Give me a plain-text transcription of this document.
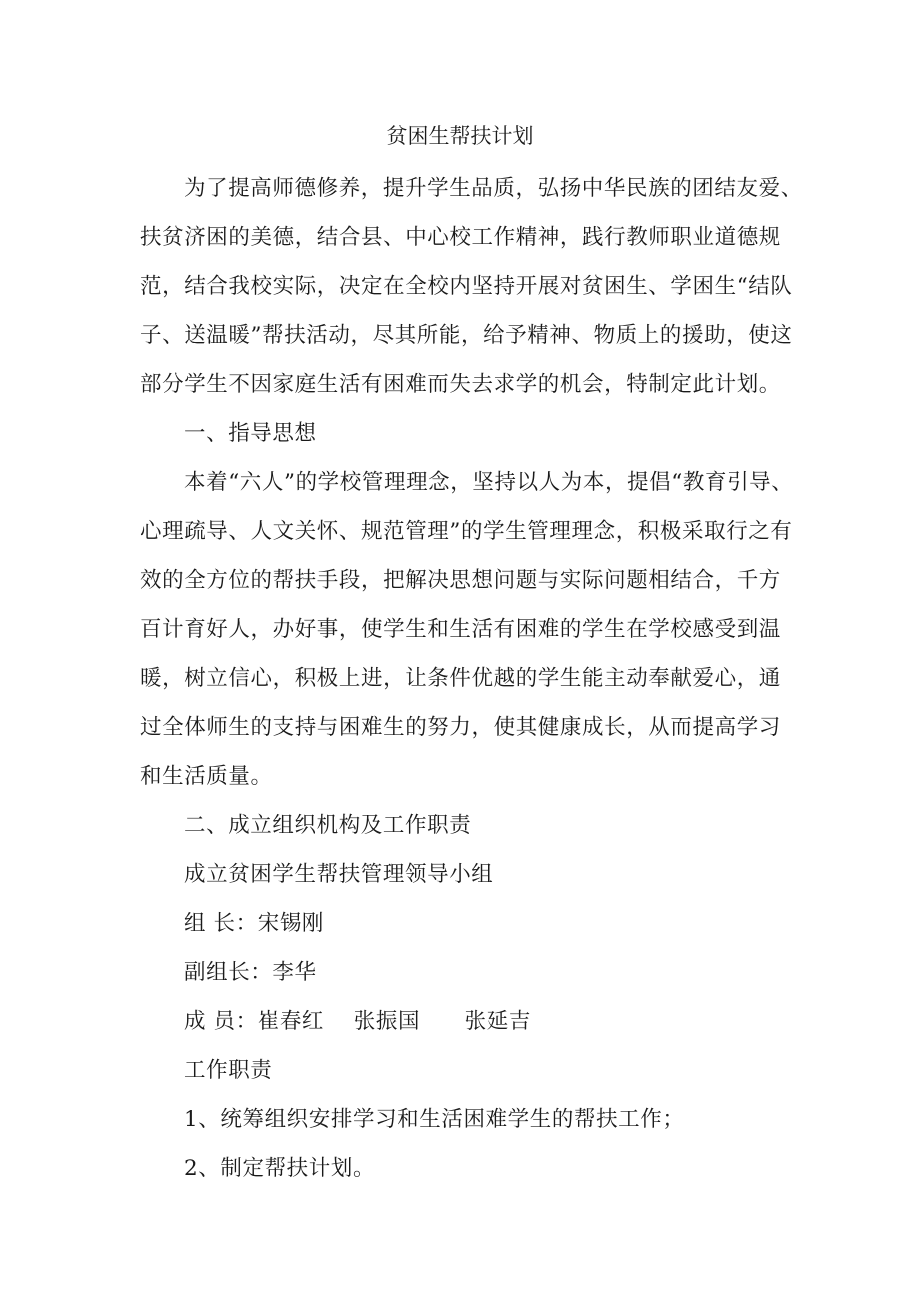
贫困生帮扶计划
为了提高师德修养，提升学生品质，弘扬中华民族的团结友爱、
扶贫济困的美德，结合县、中心校工作精神，践行教师职业道德规
范，结合我校实际，决定在全校内坚持开展对贫困生、学困生“结队
子、送温暖”帮扶活动，尽其所能，给予精神、物质上的援助，使这
部分学生不因家庭生活有困难而失去求学的机会，特制定此计划。
一、指导思想
本着“六人”的学校管理理念，坚持以人为本，提倡“教育引导、
心理疏导、人文关怀、规范管理”的学生管理理念，积极采取行之有
效的全方位的帮扶手段，把解决思想问题与实际问题相结合，千方
百计育好人，办好事，使学生和生活有困难的学生在学校感受到温
暖，树立信心，积极上进，让条件优越的学生能主动奉献爱心，通
过全体师生的支持与困难生的努力，使其健康成长，从而提高学习
和生活质量。
二、成立组织机构及工作职责
成立贫困学生帮扶管理领导小组
组 长：宋锡刚
副组长：李华
成 员：崔春红    张振国      张延吉
工作职责
1、统筹组织安排学习和生活困难学生的帮扶工作；
2、制定帮扶计划。
